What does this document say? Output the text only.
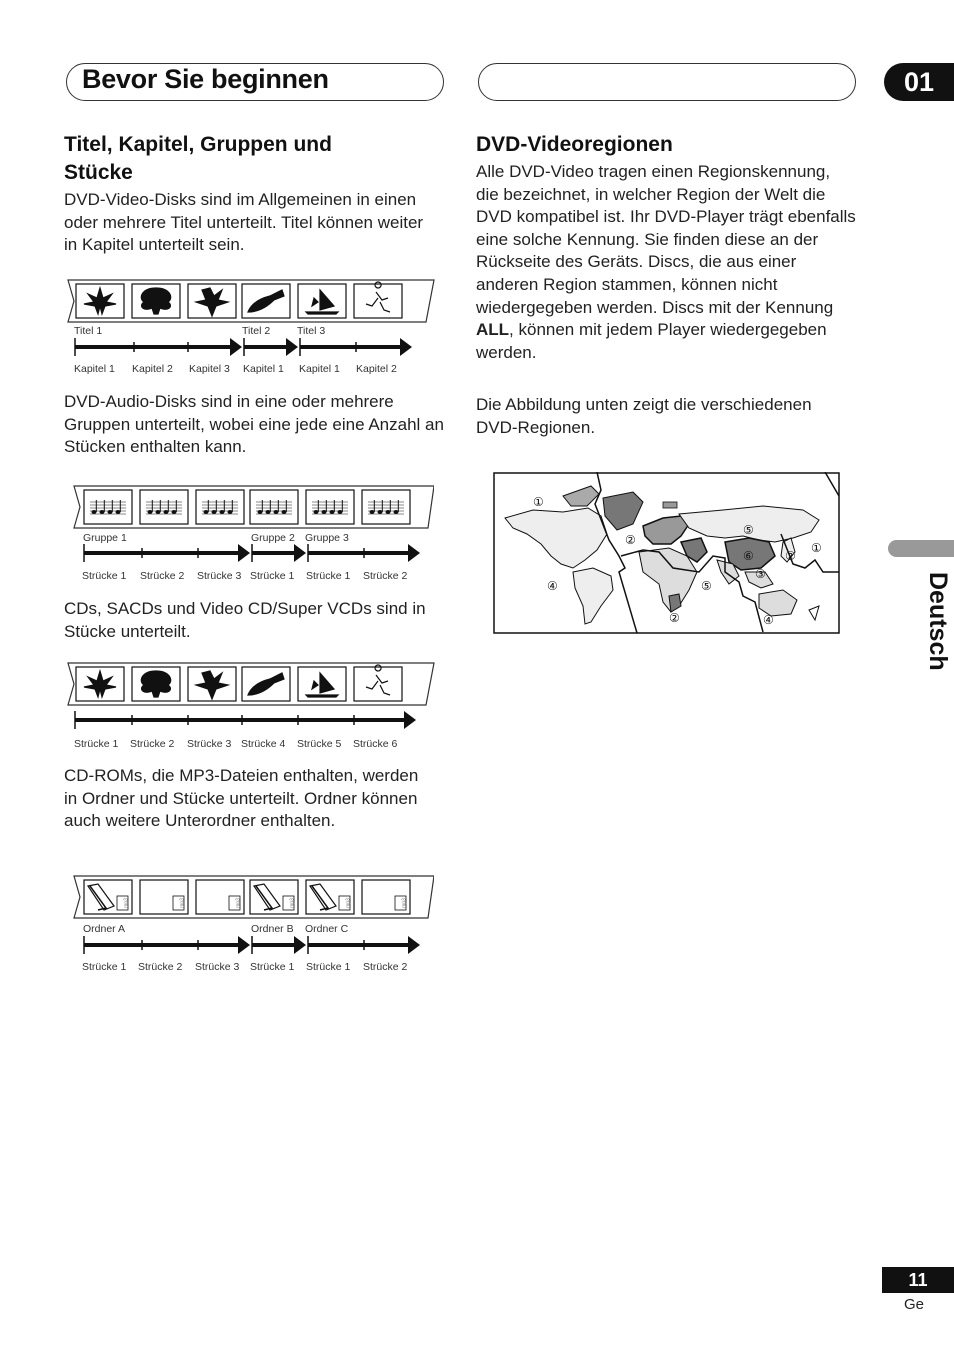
Bevor Sie beginnen	01
Titel, Kapitel, Gruppen und Stücke
DVD-Video-Disks sind im Allgemeinen in einen oder mehrere Titel unterteilt. Titel können weiter in Kapitel unterteilt sein.
Titel 1	Titel 2	Titel 3
Kapitel 1 Kapitel 2 Kapitel 3 Kapitel 1 Kapitel 1 Kapitel 2
DVD-Audio-Disks sind in eine oder mehrere Gruppen unterteilt, wobei eine jede eine Anzahl an Stücken enthalten kann.
Gruppe 1	Gruppe 2 Gruppe 3
Strücke 1 Strücke 2 Strücke 3 Strücke 1 Strücke 1 Strücke 2
CDs, SACDs und Video CD/Super VCDs sind in Stücke unterteilt.
Strücke 1 Strücke 2 Strücke 3 Strücke 4 Strücke 5 Strücke 6
CD-ROMs, die MP3-Dateien enthalten, werden in Ordner und Stücke unterteilt. Ordner können auch weitere Unterordner enthalten.
mp3	mp3	mp3	mp3	mp3	mp3
Ordner A	Ordner B Ordner C
Strücke 1 Strücke 2 Strücke 3 Strücke 1 Strücke 1 Strücke 2
DVD-Videoregionen
Alle DVD-Video tragen einen Regionskennung, die bezeichnet, in welcher Region der Welt die DVD kompatibel ist. Ihr DVD-Player trägt ebenfalls eine solche Kennung. Sie finden diese an der Rückseite des Geräts. Discs, die aus einer anderen Region stammen, können nicht wiedergegeben werden. Discs mit der Kennung ALL, können mit jedem Player wiedergegeben werden.
Die Abbildung unten zeigt die verschiedenen DVD-Regionen.
①
②
④
⑤
⑥	②
①
③
⑤
②	④	Deutsch
11
Ge
